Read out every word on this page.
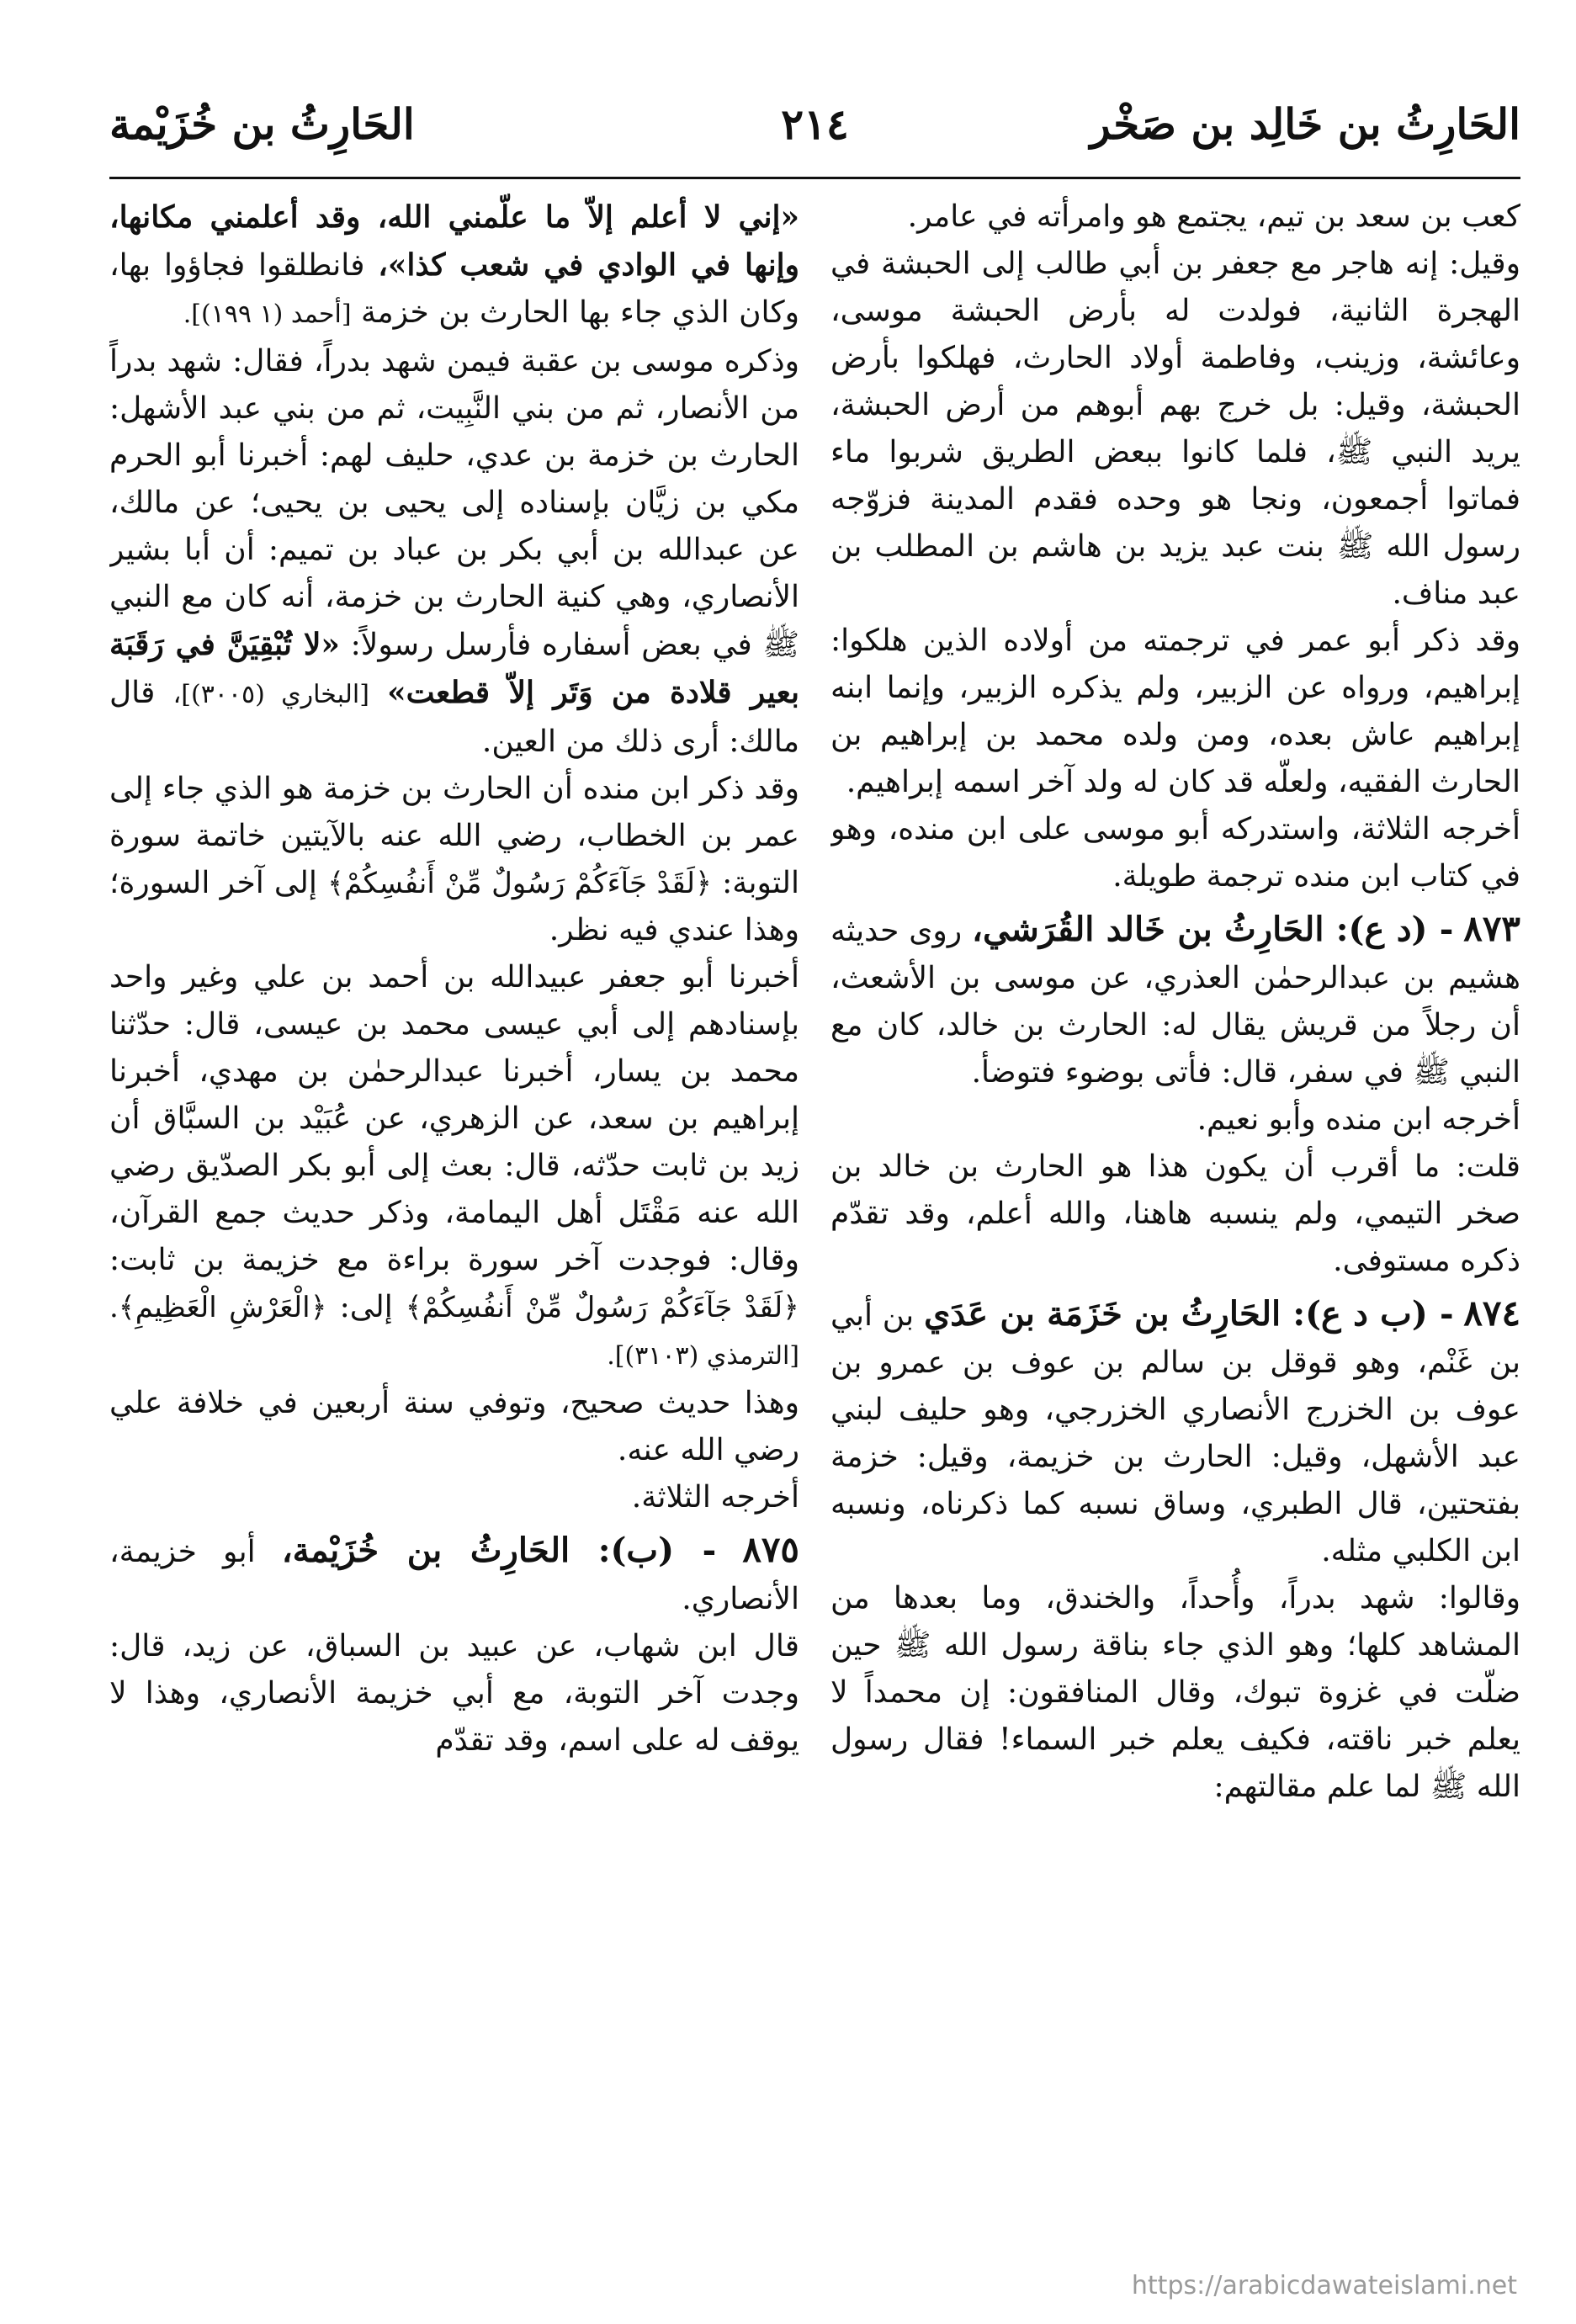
الحَارِثُ بن خَالِد بن صَخْر
٢١٤
الحَارِثُ بن خُزَيْمة

كعب بن سعد بن تيم، يجتمع هو وامرأته في عامر.

وقيل: إنه هاجر مع جعفر بن أبي طالب إلى الحبشة في الهجرة الثانية، فولدت له بأرض الحبشة موسى، وعائشة، وزينب، وفاطمة أولاد الحارث، فهلكوا بأرض الحبشة، وقيل: بل خرج بهم أبوهم من أرض الحبشة، يريد النبي ﷺ، فلما كانوا ببعض الطريق شربوا ماء فماتوا أجمعون، ونجا هو وحده فقدم المدينة فزوّجه رسول الله ﷺ بنت عبد يزيد بن هاشم بن المطلب بن عبد مناف.

وقد ذكر أبو عمر في ترجمته من أولاده الذين هلكوا: إبراهيم، ورواه عن الزبير، ولم يذكره الزبير، وإنما ابنه إبراهيم عاش بعده، ومن ولده محمد بن إبراهيم بن الحارث الفقيه، ولعلّه قد كان له ولد آخر اسمه إبراهيم.

أخرجه الثلاثة، واستدركه أبو موسى على ابن منده، وهو في كتاب ابن منده ترجمة طويلة.

٨٧٣ - (د ع): الحَارِثُ بن خَالد القُرَشي، روى حديثه هشيم بن عبدالرحمٰن العذري، عن موسى بن الأشعث، أن رجلاً من قريش يقال له: الحارث بن خالد، كان مع النبي ﷺ في سفر، قال: فأتى بوضوء فتوضأ.

أخرجه ابن منده وأبو نعيم.

قلت: ما أقرب أن يكون هذا هو الحارث بن خالد بن صخر التيمي، ولم ينسبه هاهنا، والله أعلم، وقد تقدّم ذكره مستوفى.

٨٧٤ - (ب د ع): الحَارِثُ بن خَزَمَة بن عَدَي بن أبي بن غَنْم، وهو قوقل بن سالم بن عوف بن عمرو بن عوف بن الخزرج الأنصاري الخزرجي، وهو حليف لبني عبد الأشهل، وقيل: الحارث بن خزيمة، وقيل: خزمة بفتحتين، قال الطبري، وساق نسبه كما ذكرناه، ونسبه ابن الكلبي مثله.

وقالوا: شهد بدراً، وأُحداً، والخندق، وما بعدها من المشاهد كلها؛ وهو الذي جاء بناقة رسول الله ﷺ حين ضلّت في غزوة تبوك، وقال المنافقون: إن محمداً لا يعلم خبر ناقته، فكيف يعلم خبر السماء! فقال رسول الله ﷺ لما علم مقالتهم:

«إني لا أعلم إلاّ ما علّمني الله، وقد أعلمني مكانها، وإنها في الوادي في شعب كذا»، فانطلقوا فجاؤوا بها، وكان الذي جاء بها الحارث بن خزمة [أحمد (١ ١٩٩)].

وذكره موسى بن عقبة فيمن شهد بدراً، فقال: شهد بدراً من الأنصار، ثم من بني النَّبِيت، ثم من بني عبد الأشهل: الحارث بن خزمة بن عدي، حليف لهم: أخبرنا أبو الحرم مكي بن زيَّان بإسناده إلى يحيى بن يحيى؛ عن مالك، عن عبدالله بن أبي بكر بن عباد بن تميم: أن أبا بشير الأنصاري، وهي كنية الحارث بن خزمة، أنه كان مع النبي ﷺ في بعض أسفاره فأرسل رسولاً: «لا تُبْقِيَنَّ في رَقَبَة بعير قلادة من وَتَر إلاّ قطعت» [البخاري (٣٠٠٥)]، قال مالك: أرى ذلك من العين.

وقد ذكر ابن منده أن الحارث بن خزمة هو الذي جاء إلى عمر بن الخطاب، رضي الله عنه بالآيتين خاتمة سورة التوبة: ﴿لَقَدْ جَآءَكُمْ رَسُولٌ مِّنْ أَنفُسِكُمْ﴾ إلى آخر السورة؛ وهذا عندي فيه نظر.

أخبرنا أبو جعفر عبيدالله بن أحمد بن علي وغير واحد بإسنادهم إلى أبي عيسى محمد بن عيسى، قال: حدّثنا محمد بن يسار، أخبرنا عبدالرحمٰن بن مهدي، أخبرنا إبراهيم بن سعد، عن الزهري، عن عُبَيْد بن السبَّاق أن زيد بن ثابت حدّثه، قال: بعث إلى أبو بكر الصدّيق رضي الله عنه مَقْتَل أهل اليمامة، وذكر حديث جمع القرآن، وقال: فوجدت آخر سورة براءة مع خزيمة بن ثابت: ﴿لَقَدْ جَآءَكُمْ رَسُولٌ مِّنْ أَنفُسِكُمْ﴾ إلى: ﴿الْعَرْشِ الْعَظِيمِ﴾. [الترمذي (٣١٠٣)].

وهذا حديث صحيح، وتوفي سنة أربعين في خلافة علي رضي الله عنه.

أخرجه الثلاثة.

٨٧٥ - (ب): الحَارِثُ بن خُزَيْمة، أبو خزيمة، الأنصاري.

قال ابن شهاب، عن عبيد بن السباق، عن زيد، قال: وجدت آخر التوبة، مع أبي خزيمة الأنصاري، وهذا لا يوقف له على اسم، وقد تقدّم

https://arabicdawateislami.net
